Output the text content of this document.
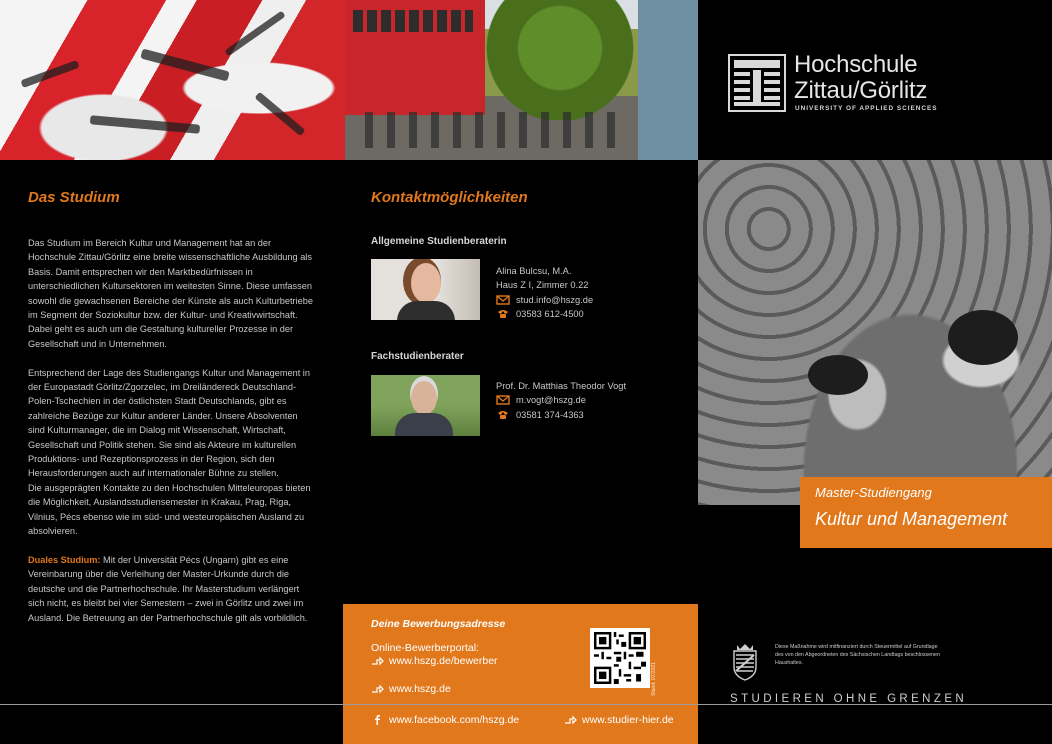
Hochschule
Zittau/Görlitz
UNIVERSITY OF APPLIED SCIENCES
Master-Studiengang
Kultur und Management
Das Studium

Das Studium im Bereich Kultur und Management hat an der Hochschule Zittau/Görlitz eine breite wissenschaftliche Ausbildung als Basis. Damit entsprechen wir den Marktbedürfnissen in unterschiedlichen Kultursektoren im weitesten Sinne. Diese umfassen sowohl die gewachsenen Bereiche der Künste als auch Kulturbetriebe im Segment der Soziokultur bzw. der Kultur- und Kreativwirtschaft. Dabei geht es auch um die Gestaltung kultureller Prozesse in der Gesellschaft und in Unternehmen.

Entsprechend der Lage des Studiengangs Kultur und Management in der Europastadt Görlitz/Zgorzelec, im Dreiländereck Deutschland-Polen-Tschechien in der östlichsten Stadt Deutschlands, gibt es zahlreiche Bezüge zur Kultur anderer Länder. Unsere Absolventen sind Kulturmanager, die im Dialog mit Wissenschaft, Wirtschaft, Gesellschaft und Politik stehen. Sie sind als Akteure im kulturellen Produktions- und Rezeptionsprozess in der Region, sich den Herausforderungen auch auf internationaler Bühne zu stellen.

Die ausgeprägten Kontakte zu den Hochschulen Mitteleuropas bieten die Möglichkeit, Auslandsstudiensemester in Krakau, Prag, Riga, Vilnius, Pécs ebenso wie im süd- und westeuropäischen Ausland zu absolvieren.

Duales Studium: Mit der Universität Pécs (Ungarn) gibt es eine Vereinbarung über die Verleihung der Master-Urkunde durch die deutsche und die Partnerhochschule. Ihr Masterstudium verlängert sich nicht, es bleibt bei vier Semestern – zwei in Görlitz und zwei im Ausland. Die Betreuung an der Partnerhochschule gilt als vorbildlich.

Kontaktmöglichkeiten
Allgemeine Studienberaterin
Alina Bulcsu, M.A.
Haus Z I, Zimmer 0.22
stud.info@hszg.de
03583 612-4500
Fachstudienberater
Prof. Dr. Matthias Theodor Vogt
m.vogt@hszg.de
03581 374-4363
Deine Bewerbungsadresse
Online-Bewerberportal:
www.hszg.de/bewerber
www.hszg.de
www.facebook.com/hszg.de	www.studier-hier.de
Stand: 07/2021
Diese Maßnahme wird mitfinanziert durch Steuermittel auf Grundlage des von den Abgeordneten des Sächsischen Landtags beschlossenen Haushaltes.
STUDIEREN OHNE GRENZEN
